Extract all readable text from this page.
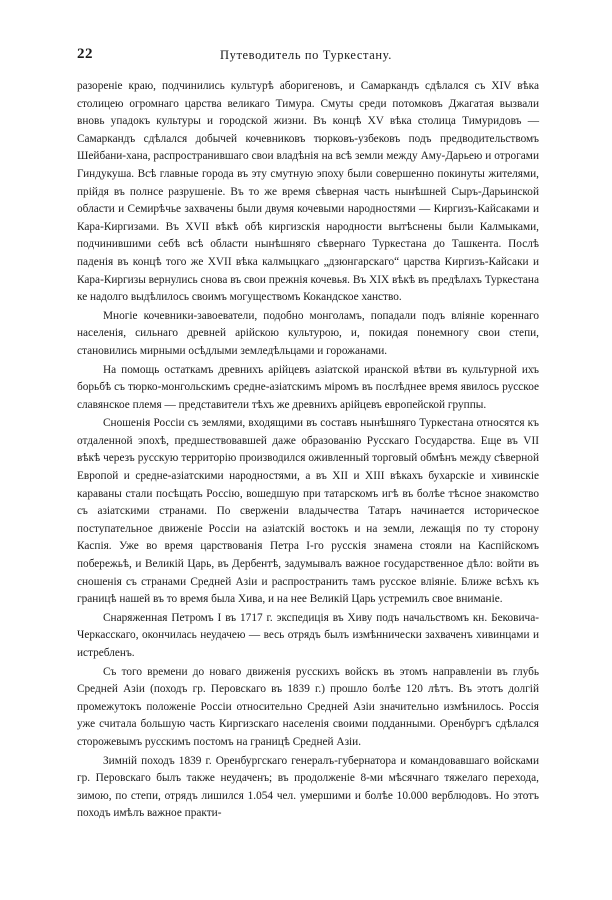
22	Путеводитель по Туркестану.

разоренiе краю, подчинились культурѣ аборигеновъ, и Самаркандъ сдѣлался съ XIV вѣка столицею огромнаго царства великаго Тимура. Смуты среди потомковъ Джагатая вызвали вновь упадокъ культуры и городской жизни. Въ концѣ XV вѣка столица Тимуридовъ — Самаркандъ сдѣлался добычей кочевниковъ тюрковъ-узбековъ подъ предводительствомъ Шейбани-хана, распространившаго свои владѣнія на всѣ земли между Аму-Дарьею и отрогами Гиндукуша. Всѣ главные города въ эту смутную эпоху были совершенно покинуты жителями, прійдя въ полнсе разрушеніе. Въ то же время сѣверная часть нынѣшней Сыръ-Дарьинской области и Семирѣчье захвачены были двумя кочевыми народностями — Киргизъ-Кайсаками и Кара-Киргизами. Въ XVII вѣкѣ обѣ киргизскія народности вытѣснены были Калмыками, подчинившими себѣ всѣ области нынѣшняго сѣвернаго Туркестана до Ташкента. Послѣ паденія въ концѣ того же XVII вѣка калмыцкаго „дзюнгарскаго“ царства Киргизъ-Кайсаки и Кара-Киргизы вернулись снова въ свои прежнія кочевья. Въ XIX вѣкѣ въ предѣлахъ Туркестана ке надолго выдѣлилось своимъ могуществомъ Кокандское ханство.

Многіе кочевники-завоеватели, подобно монголамъ, попадали подъ вліяніе кореннаго населенія, сильнаго древней арійскою культурою, и, покидая понемногу свои степи, становились мирными осѣдлыми земледѣльцами и горожанами.

На помощь остаткамъ древнихъ арійцевъ азіатской иранской вѣтви въ культурной ихъ борьбѣ съ тюрко-монгольскимъ средне-азіатскимъ міромъ въ послѣднее время явилось русское славянское племя — представители тѣхъ же древнихъ арійцевъ европейской группы.

Сношенія Россіи съ землями, входящими въ составъ нынѣшняго Туркестана относятся къ отдаленной эпохѣ, предшествовавшей даже образованію Русскаго Государства. Еще въ VII вѣкѣ черезъ русскую территорію производился оживленный торговый обмѣнъ между сѣверной Европой и средне-азіатскими народностями, а въ XII и XIII вѣкахъ бухарскіе и хивинскіе караваны стали посѣщать Россію, вошедшую при татарскомъ игѣ въ болѣе тѣсное знакомство съ азіатскими странами. По сверженіи владычества Татаръ начинается историческое поступательное движеніе Россіи на азіатскій востокъ и на земли, лежащія по ту сторону Каспія. Уже во время царствованія Петра I-го русскія знамена стояли на Каспійскомъ побережьѣ, и Великій Царь, въ Дербентѣ, задумывалъ важное государственное дѣло: войти въ сношенія съ странами Средней Азіи и распространить тамъ русское вліяніе. Ближе всѣхъ къ границѣ нашей въ то время была Хива, и на нее Великій Царь устремилъ свое вниманіе.

Снаряженная Петромъ I въ 1717 г. экспедиція въ Хиву подъ начальствомъ кн. Бековича-Черкасскаго, окончилась неудачею — весь отрядъ былъ измѣннически захваченъ хивинцами и истребленъ.

Съ того времени до новаго движенія русскихъ войскъ въ этомъ направленіи въ глубь Средней Азіи (походъ гр. Перовскаго въ 1839 г.) прошло болѣе 120 лѣтъ. Въ этотъ долгій промежутокъ положеніе Россіи относительно Средней Азіи значительно измѣнилось. Россія уже считала большую часть Киргизскаго населенія своими подданными. Оренбургъ сдѣлался сторожевымъ русскимъ постомъ на границѣ Средней Азіи.

Зимній походъ 1839 г. Оренбургскаго генералъ-губернатора и командовавшаго войсками гр. Перовскаго былъ также неудаченъ; въ продолженіе 8-ми мѣсячнаго тяжелаго перехода, зимою, по степи, отрядъ лишился 1.054 чел. умершими и болѣе 10.000 верблюдовъ. Но этотъ походъ имѣлъ важное практи-
